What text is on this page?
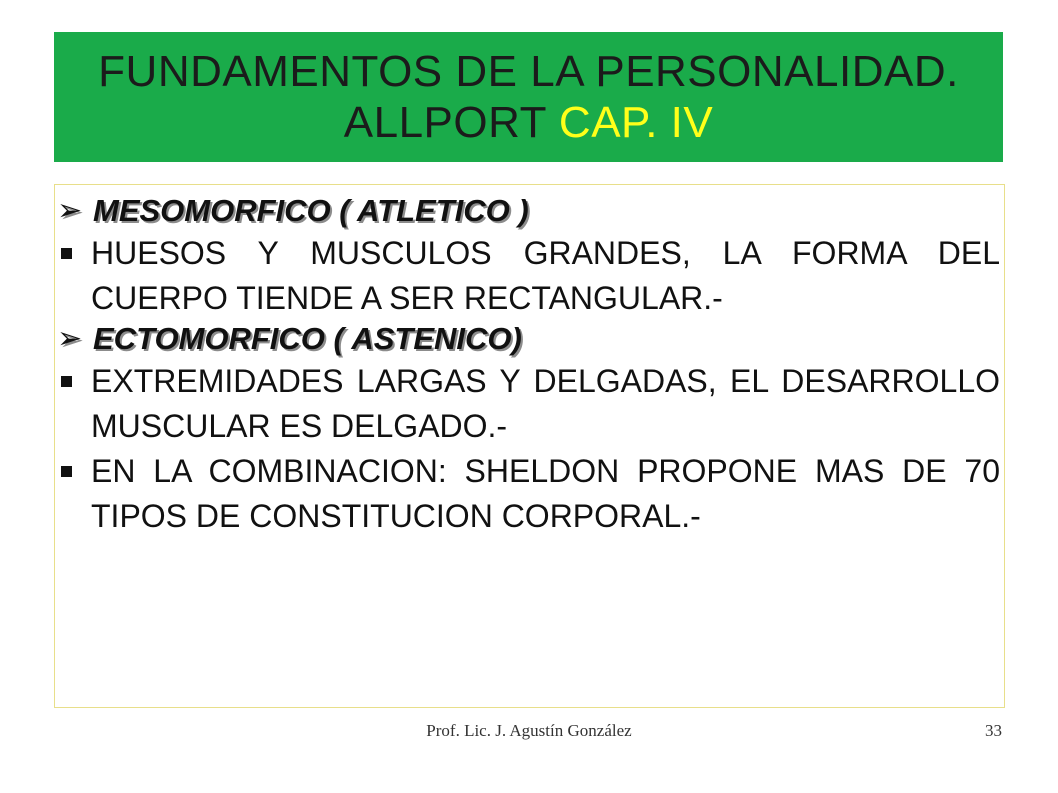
FUNDAMENTOS DE LA PERSONALIDAD. ALLPORT CAP. IV
➢ MESOMORFICO ( ATLETICO )
HUESOS Y MUSCULOS GRANDES, LA FORMA DEL CUERPO TIENDE A SER RECTANGULAR.-
➢ ECTOMORFICO ( ASTENICO)
EXTREMIDADES LARGAS Y DELGADAS, EL DESARROLLO MUSCULAR ES DELGADO.-
EN LA COMBINACION: SHELDON PROPONE MAS DE 70 TIPOS DE CONSTITUCION CORPORAL.-
Prof. Lic. J. Agustín González	33
